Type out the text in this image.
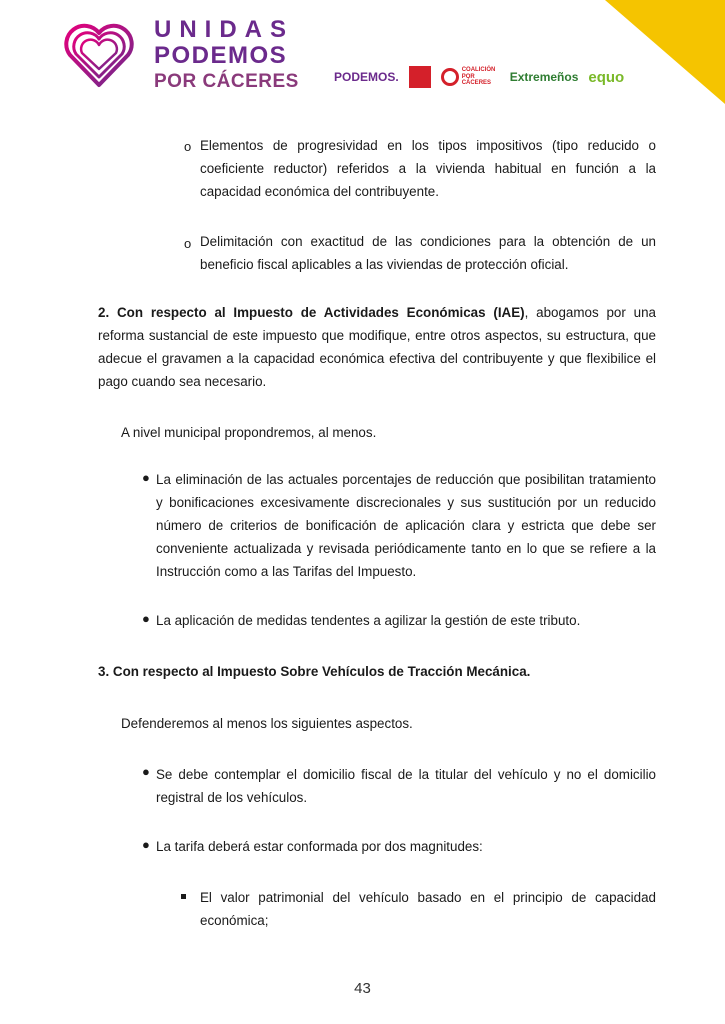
UNIDAS
PODEMOS
POR CÁCERES	PODEMOS.	COALICIÓN POR CÁCERES	Extremeños equo
o Elementos de progresividad en los tipos impositivos (tipo reducido o coeficiente reductor) referidos a la vivienda habitual en función a la capacidad económica del contribuyente.
o Delimitación con exactitud de las condiciones para la obtención de un beneficio fiscal aplicables a las viviendas de protección oficial.
2. Con respecto al Impuesto de Actividades Económicas (IAE), abogamos por una reforma sustancial de este impuesto que modifique, entre otros aspectos, su estructura, que adecue el gravamen a la capacidad económica efectiva del contribuyente y que flexibilice el pago cuando sea necesario.
A nivel municipal propondremos, al menos.
● La eliminación de las actuales porcentajes de reducción que posibilitan tratamiento y bonificaciones excesivamente discrecionales y sus sustitución por un reducido número de criterios de bonificación de aplicación clara y estricta que debe ser conveniente actualizada y revisada periódicamente tanto en lo que se refiere a la Instrucción como a las Tarifas del Impuesto.
● La aplicación de medidas tendentes a agilizar la gestión de este tributo.
3. Con respecto al Impuesto Sobre Vehículos de Tracción Mecánica.
Defenderemos al menos los siguientes aspectos.
● Se debe contemplar el domicilio fiscal de la titular del vehículo y no el domicilio registral de los vehículos.
● La tarifa deberá estar conformada por dos magnitudes:
El valor patrimonial del vehículo basado en el principio de capacidad económica;
43
